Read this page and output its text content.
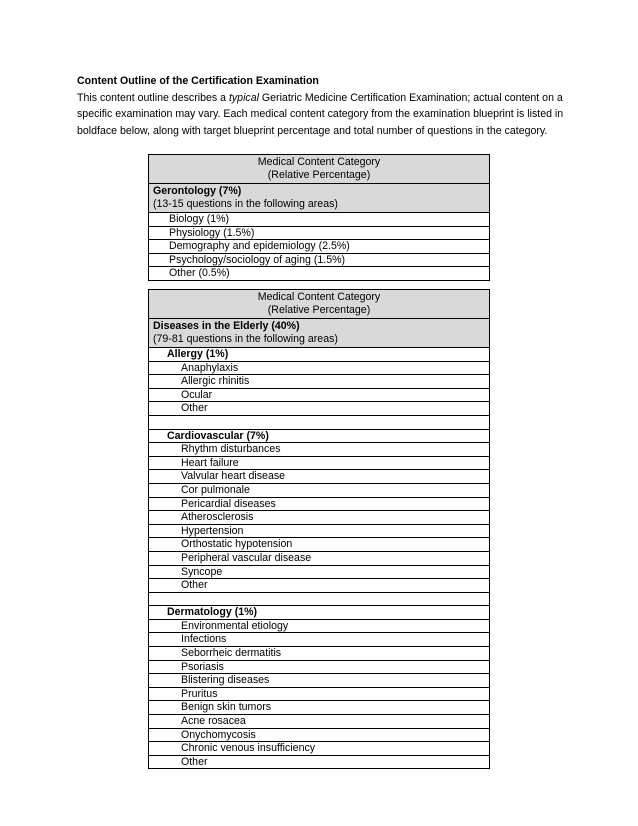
Content Outline of the Certification Examination

This content outline describes a typical Geriatric Medicine Certification Examination; actual content on a specific examination may vary. Each medical content category from the examination blueprint is listed in boldface below, along with target blueprint percentage and total number of questions in the category.

Medical Content Category
(Relative Percentage)

Gerontology (7%)
(13-15 questions in the following areas)
Biology (1%)
Physiology (1.5%)
Demography and epidemiology (2.5%)
Psychology/sociology of aging (1.5%)
Other (0.5%)
Medical Content Category
(Relative Percentage)

Diseases in the Elderly (40%)
(79-81 questions in the following areas)
Allergy (1%)
Anaphylaxis
Allergic rhinitis
Ocular
Other

Cardiovascular (7%)
Rhythm disturbances
Heart failure
Valvular heart disease
Cor pulmonale
Pericardial diseases
Atherosclerosis
Hypertension
Orthostatic hypotension
Peripheral vascular disease
Syncope
Other

Dermatology (1%)
Environmental etiology
Infections
Seborrheic dermatitis
Psoriasis
Blistering diseases
Pruritus
Benign skin tumors
Acne rosacea
Onychomycosis
Chronic venous insufficiency
Other
